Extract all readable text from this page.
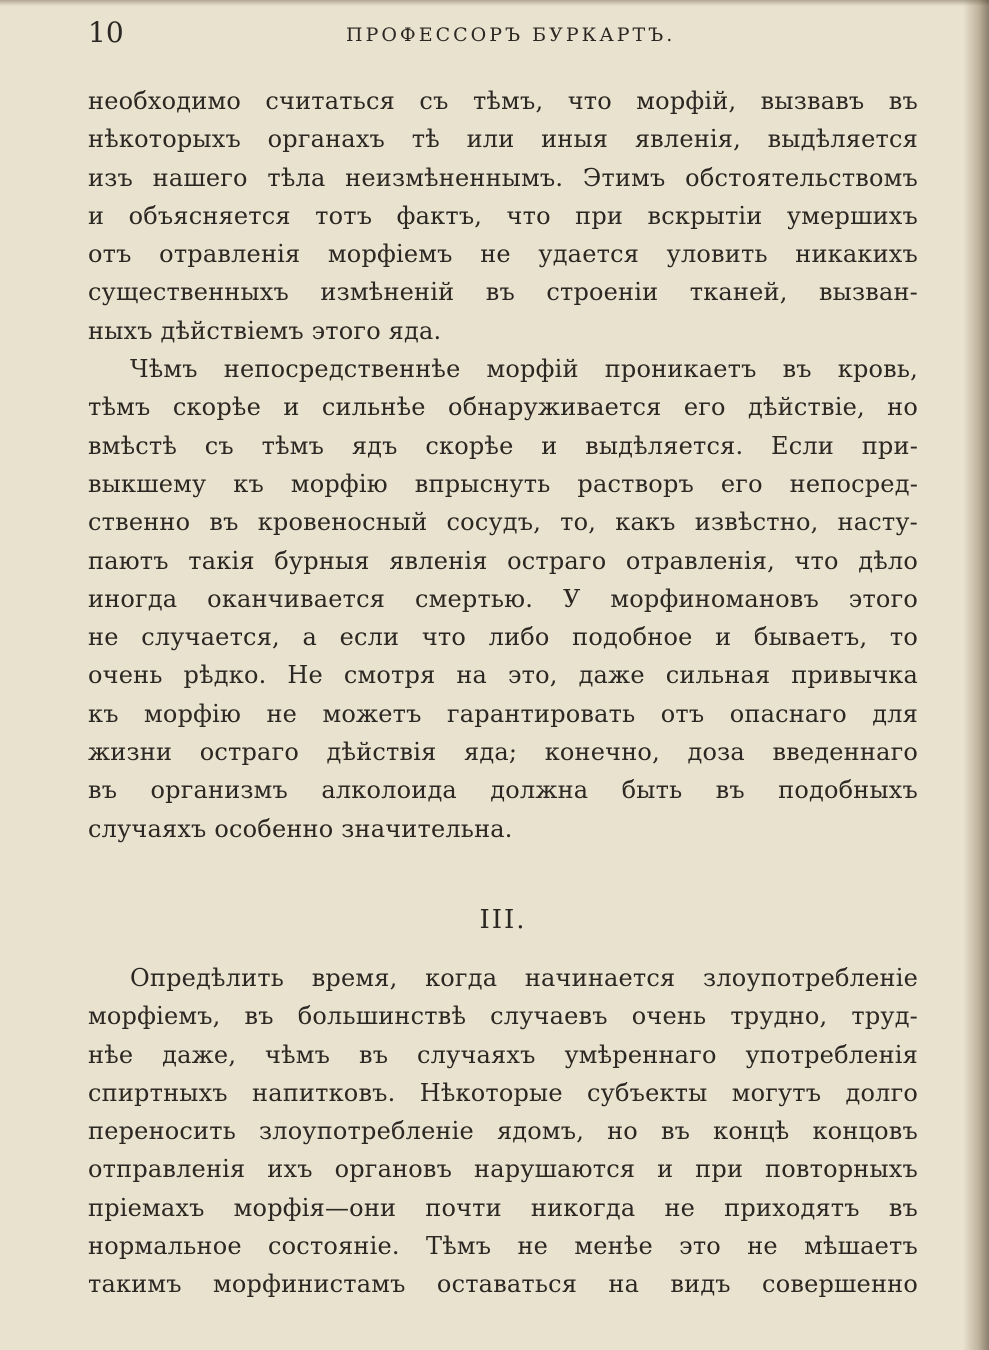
10	ПРОФЕССОРЪ БУРКАРТЪ.
необходимо считаться съ тѣмъ, что морфій, вызвавъ въ
нѣкоторыхъ органахъ тѣ или иныя явленія, выдѣляется
изъ нашего тѣла неизмѣненнымъ. Этимъ обстоятельствомъ
и объясняется тотъ фактъ, что при вскрытіи умершихъ
отъ отравленія морфіемъ не удается уловить никакихъ
существенныхъ измѣненій въ строеніи тканей, вызван-
ныхъ дѣйствіемъ этого яда.
Чѣмъ непосредственнѣе морфій проникаетъ въ кровь,
тѣмъ скорѣе и сильнѣе обнаруживается его дѣйствіе, но
вмѣстѣ съ тѣмъ ядъ скорѣе и выдѣляется. Если при-
выкшему къ морфію впрыснуть растворъ его непосред-
ственно въ кровеносный сосудъ, то, какъ извѣстно, насту-
паютъ такія бурныя явленія остраго отравленія, что дѣло
иногда оканчивается смертью. У морфиномановъ этого
не случается, а если что либо подобное и бываетъ, то
очень рѣдко. Не смотря на это, даже сильная привычка
къ морфію не можетъ гарантировать отъ опаснаго для
жизни остраго дѣйствія яда; конечно, доза введеннаго
въ организмъ алколоида должна быть въ подобныхъ
случаяхъ особенно значительна.
III.
Опредѣлить время, когда начинается злоупотребленіе
морфіемъ, въ большинствѣ случаевъ очень трудно, труд-
нѣе даже, чѣмъ въ случаяхъ умѣреннаго употребленія
спиртныхъ напитковъ. Нѣкоторые субъекты могутъ долго
переносить злоупотребленіе ядомъ, но въ концѣ концовъ
отправленія ихъ органовъ нарушаются и при повторныхъ
пріемахъ морфія—они почти никогда не приходятъ въ
нормальное состояніе. Тѣмъ не менѣе это не мѣшаетъ
такимъ морфинистамъ оставаться на видъ совершенно
